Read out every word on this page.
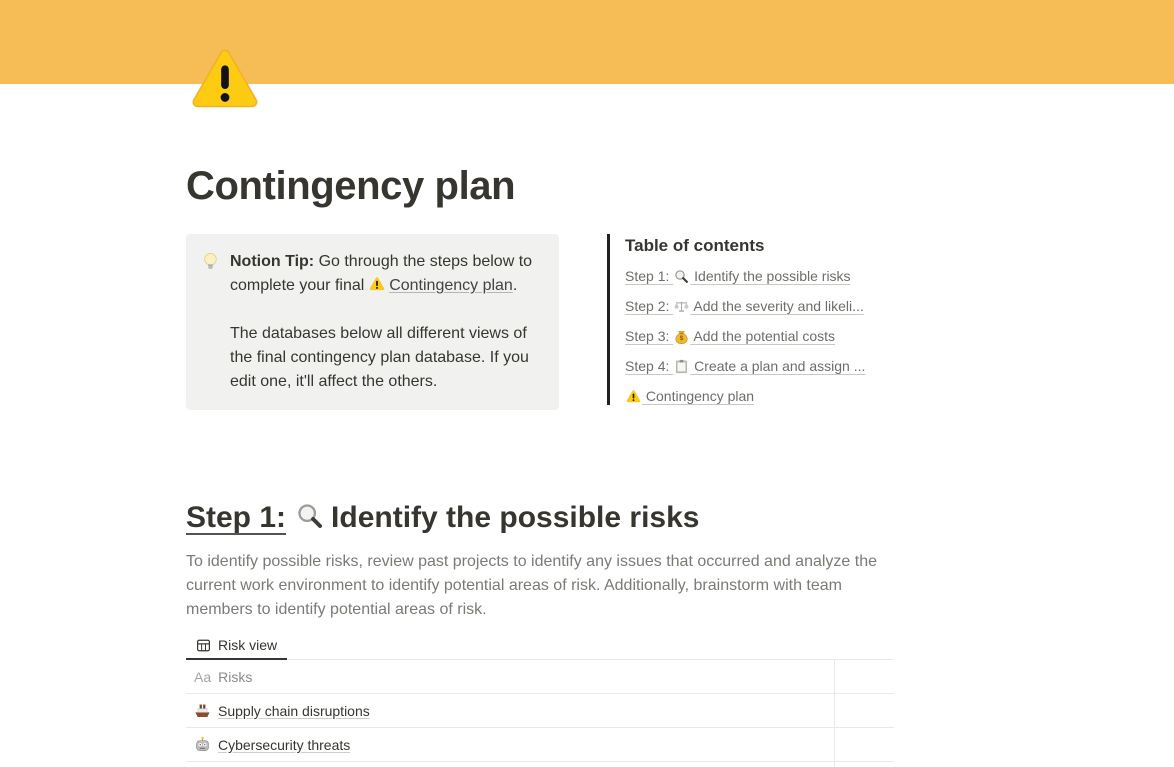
Contingency plan
Notion Tip: Go through the steps below to complete your final  Contingency plan.
The databases below all different views of the final contingency plan database. If you edit one, it'll affect the others.
Table of contents
Step 1:  Identify the possible risks
Step 2:  Add the severity and likeli...
Step 3:  Add the potential costs
Step 4:  Create a plan and assign ...
Contingency plan
Step 1: Identify the possible risks

To identify possible risks, review past projects to identify any issues that occurred and analyze the current work environment to identify potential areas of risk. Additionally, brainstorm with team members to identify potential areas of risk.

Risk view
Aa Risks
Supply chain disruptions
Cybersecurity threats
